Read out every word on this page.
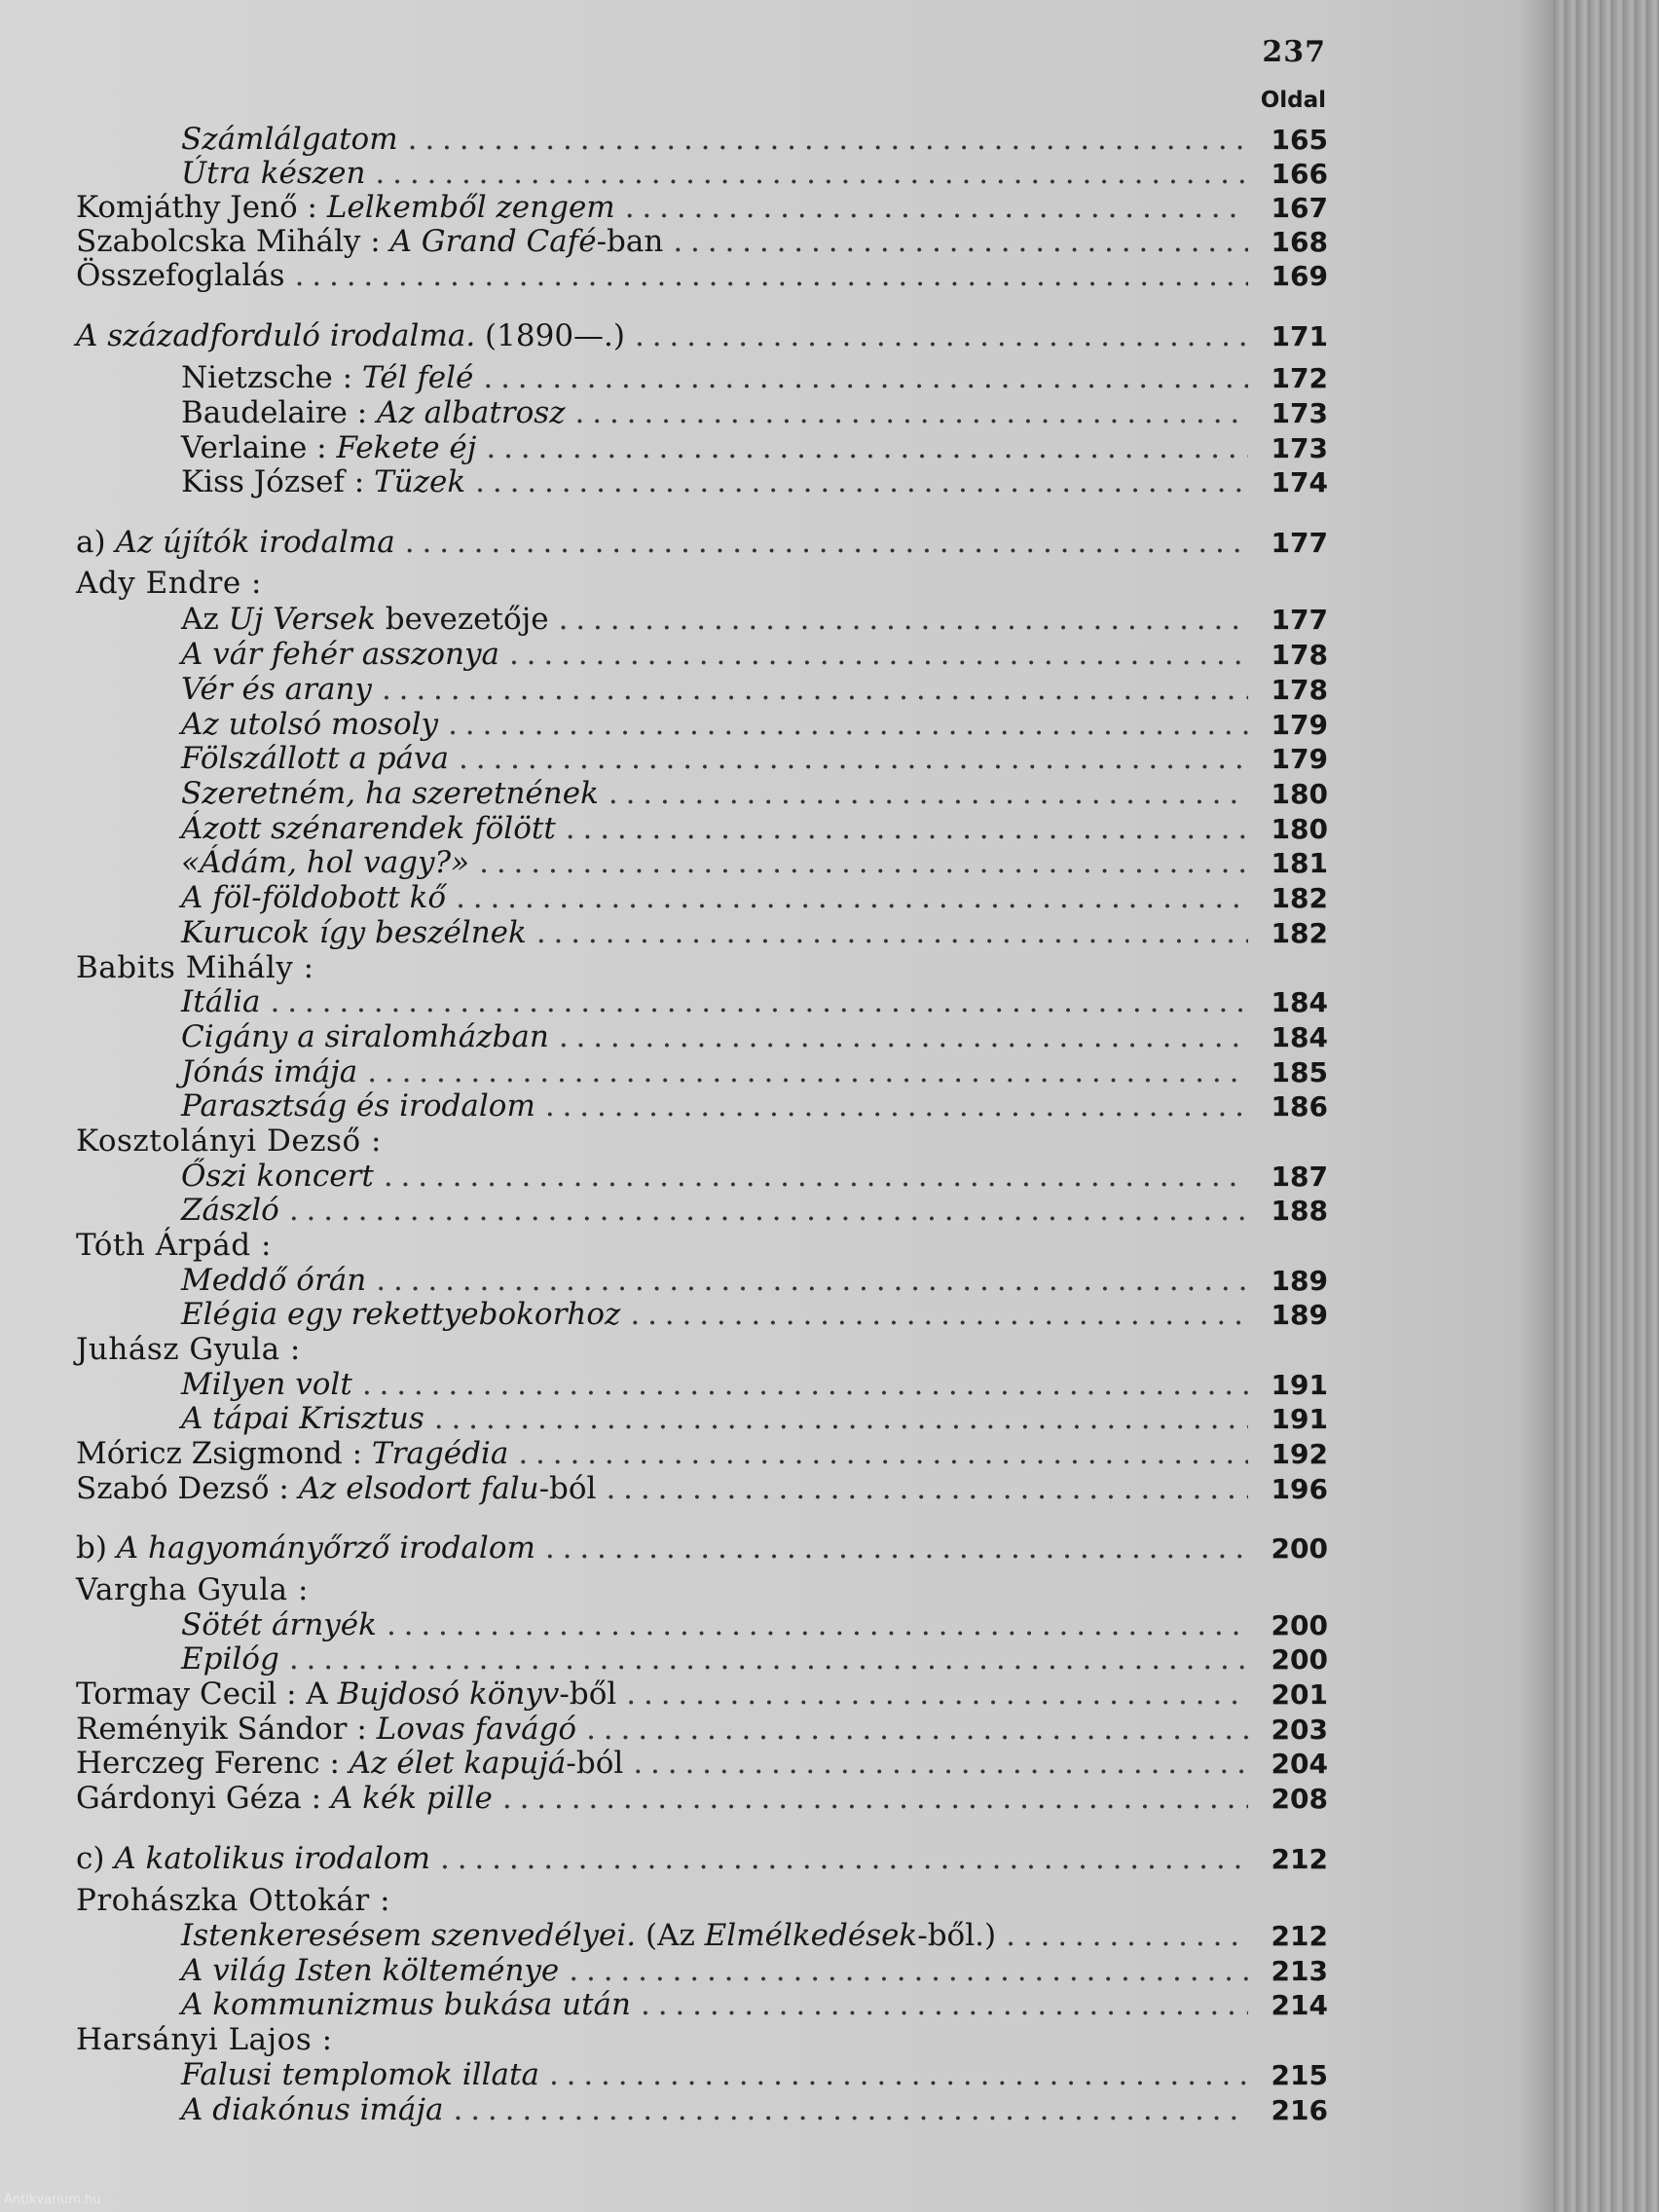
237
Oldal
Számlálgatom . . .	165
Útra készen . . .	166
Komjáthy Jenő : Lelkemből zengem . . .	167
Szabolcska Mihály : A Grand Café-ban . . .	168
Összefoglalás . . .	169
A századforduló irodalma. (1890—.) . . .	171
Nietzsche : Tél felé . . .	172
Baudelaire : Az albatrosz . . .	173
Verlaine : Fekete éj . . .	173
Kiss József : Tüzek . . .	174
a) Az újítók irodalma . . .	177
Ady Endre :
Az Uj Versek bevezetője . . .	177
A vár fehér asszonya . . .	178
Vér és arany . . .	178
Az utolsó mosoly . . .	179
Fölszállott a páva . . .	179
Szeretném, ha szeretnének . . .	180
Ázott szénarendek fölött . . .	180
«Ádám, hol vagy?» . . .	181
A föl-földobott kő . . .	182
Kurucok így beszélnek . . .	182
Babits Mihály :
Itália . . .	184
Cigány a siralomházban . . .	184
Jónás imája . . .	185
Parasztság és irodalom . . .	186
Kosztolányi Dezső :
Őszi koncert . . .	187
Zászló . . .	188
Tóth Árpád :
Meddő órán . . .	189
Elégia egy rekettyebokorhoz . . .	189
Juhász Gyula :
Milyen volt . . .	191
A tápai Krisztus . . .	191
Móricz Zsigmond : Tragédia . . .	192
Szabó Dezső : Az elsodort falu-ból . . .	196
b) A hagyományőrző irodalom . . .	200
Vargha Gyula :
Sötét árnyék . . .	200
Epilóg . . .	200
Tormay Cecil : A Bujdosó könyv-ből . . .	201
Reményik Sándor : Lovas favágó . . .	203
Herczeg Ferenc : Az élet kapujá-ból . . .	204
Gárdonyi Géza : A kék pille . . .	208
c) A katolikus irodalom . . .	212
Prohászka Ottokár :
Istenkeresésem szenvedélyei. (Az Elmélkedések-ből.) . . .	212
A világ Isten költeménye . . .	213
A kommunizmus bukása után . . .	214
Harsányi Lajos :
Falusi templomok illata . . .	215
A diakónus imája . . .	216
Antikvarium.hu
